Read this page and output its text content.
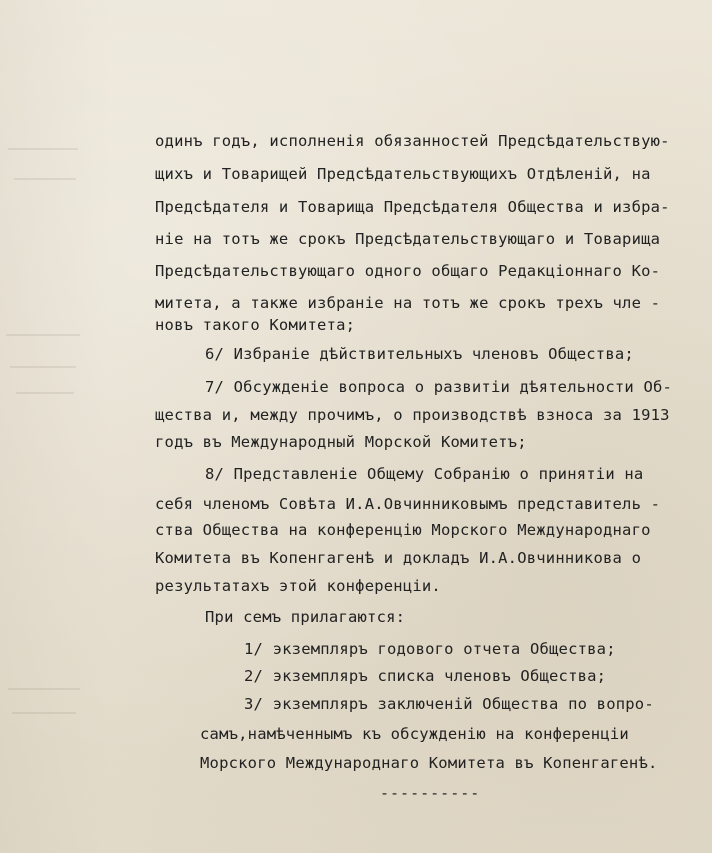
одинъ годъ, исполненія обязанностей Предсѣдательствую-
щихъ и Товарищей Предсѣдательствующихъ Отдѣленій, на
Предсѣдателя и Товарища Предсѣдателя Общества и избра-
ніе на тотъ же срокъ Предсѣдательствующаго и Товарища
Предсѣдательствующаго одного общаго Редакціоннаго Ко-
митета, а также избраніе на тотъ же срокъ трехъ чле -
новъ такого Комитета;
6/ Избраніе дѣйствительныхъ членовъ Общества;
7/ Обсужденіе вопроса о развитіи дѣятельности Об-
щества и, между прочимъ, о производствѣ взноса за 1913
годъ въ Международный Морской Комитетъ;
8/ Представленіе Общему Собранію о принятіи на
себя членомъ Совѣта И.А.Овчинниковымъ представитель -
ства Общества на конференцію Морского Международнаго
Комитета въ Копенгагенѣ и докладъ И.А.Овчинникова о
результатахъ этой конференціи.
При семъ прилагаются:
1/ экземпляръ годового отчета Общества;
2/ экземпляръ списка членовъ Общества;
3/ экземпляръ заключеній Общества по вопро-
самъ,намѣченнымъ къ обсужденію на конференціи
Морского Международнаго Комитета въ Копенгагенѣ.
----------
